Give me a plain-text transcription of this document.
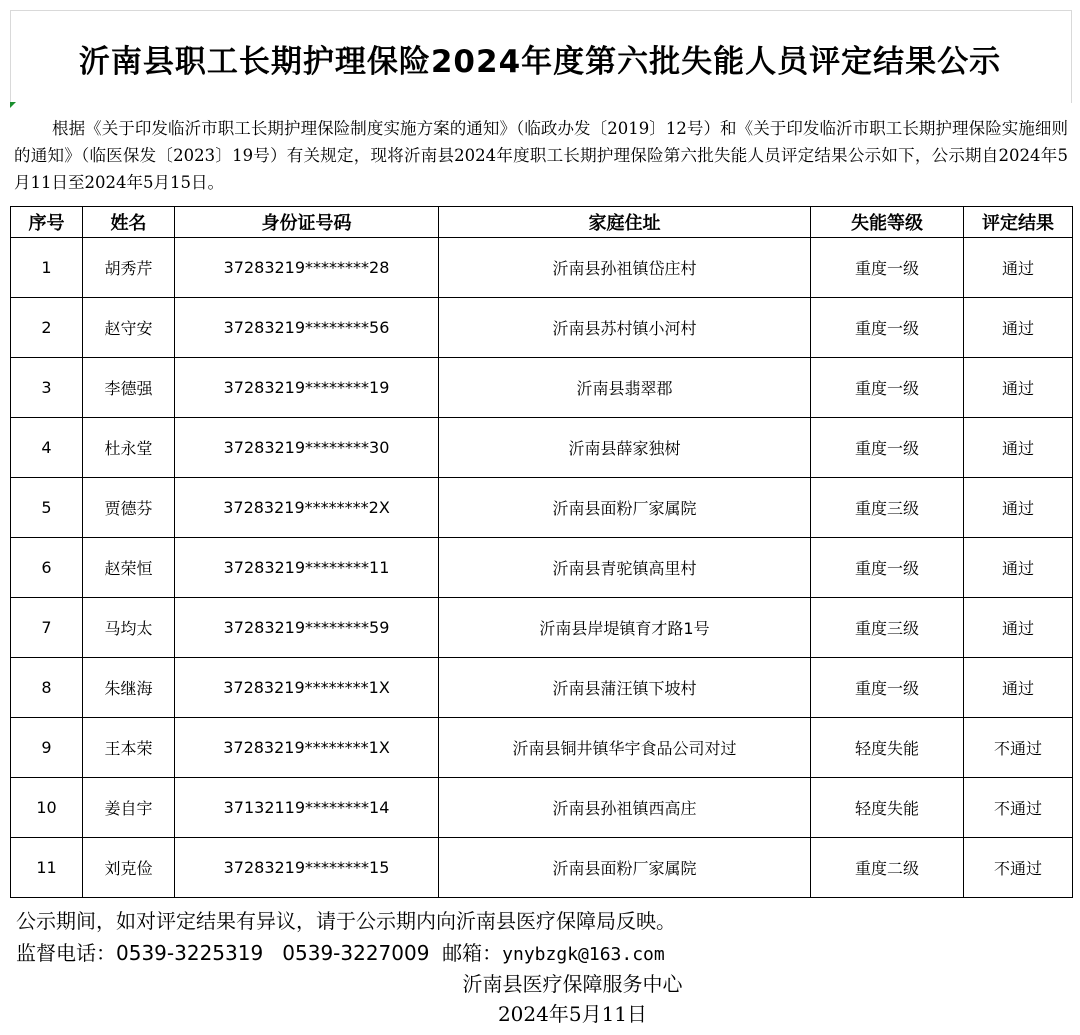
沂南县职工长期护理保险2024年度第六批失能人员评定结果公示

根据《关于印发临沂市职工长期护理保险制度实施方案的通知》（临政办发〔2019〕12号）和《关于印发临沂市职工长期护理保险实施细则的通知》（临医保发〔2023〕19号）有关规定，现将沂南县2024年度职工长期护理保险第六批失能人员评定结果公示如下，公示期自2024年5月11日至2024年5月15日。

序号	姓名	身份证号码	家庭住址	失能等级	评定结果
1	胡秀芹	37283219********28	沂南县孙祖镇岱庄村	重度一级	通过
2	赵守安	37283219********56	沂南县苏村镇小河村	重度一级	通过
3	李德强	37283219********19	沂南县翡翠郡	重度一级	通过
4	杜永堂	37283219********30	沂南县薛家独树	重度一级	通过
5	贾德芬	37283219********2X	沂南县面粉厂家属院	重度三级	通过
6	赵荣恒	37283219********11	沂南县青驼镇高里村	重度一级	通过
7	马均太	37283219********59	沂南县岸堤镇育才路1号	重度三级	通过
8	朱继海	37283219********1X	沂南县蒲汪镇下坡村	重度一级	通过
9	王本荣	37283219********1X	沂南县铜井镇华宇食品公司对过	轻度失能	不通过
10	姜自宇	37132119********14	沂南县孙祖镇西高庄	轻度失能	不通过
11	刘克俭	37283219********15	沂南县面粉厂家属院	重度二级	不通过
公示期间，如对评定结果有异议，请于公示期内向沂南县医疗保障局反映。
监督电话：0539-3225319 0539-3227009 邮箱：ynybzgk@163.com
沂南县医疗保障服务中心
2024年5月11日
